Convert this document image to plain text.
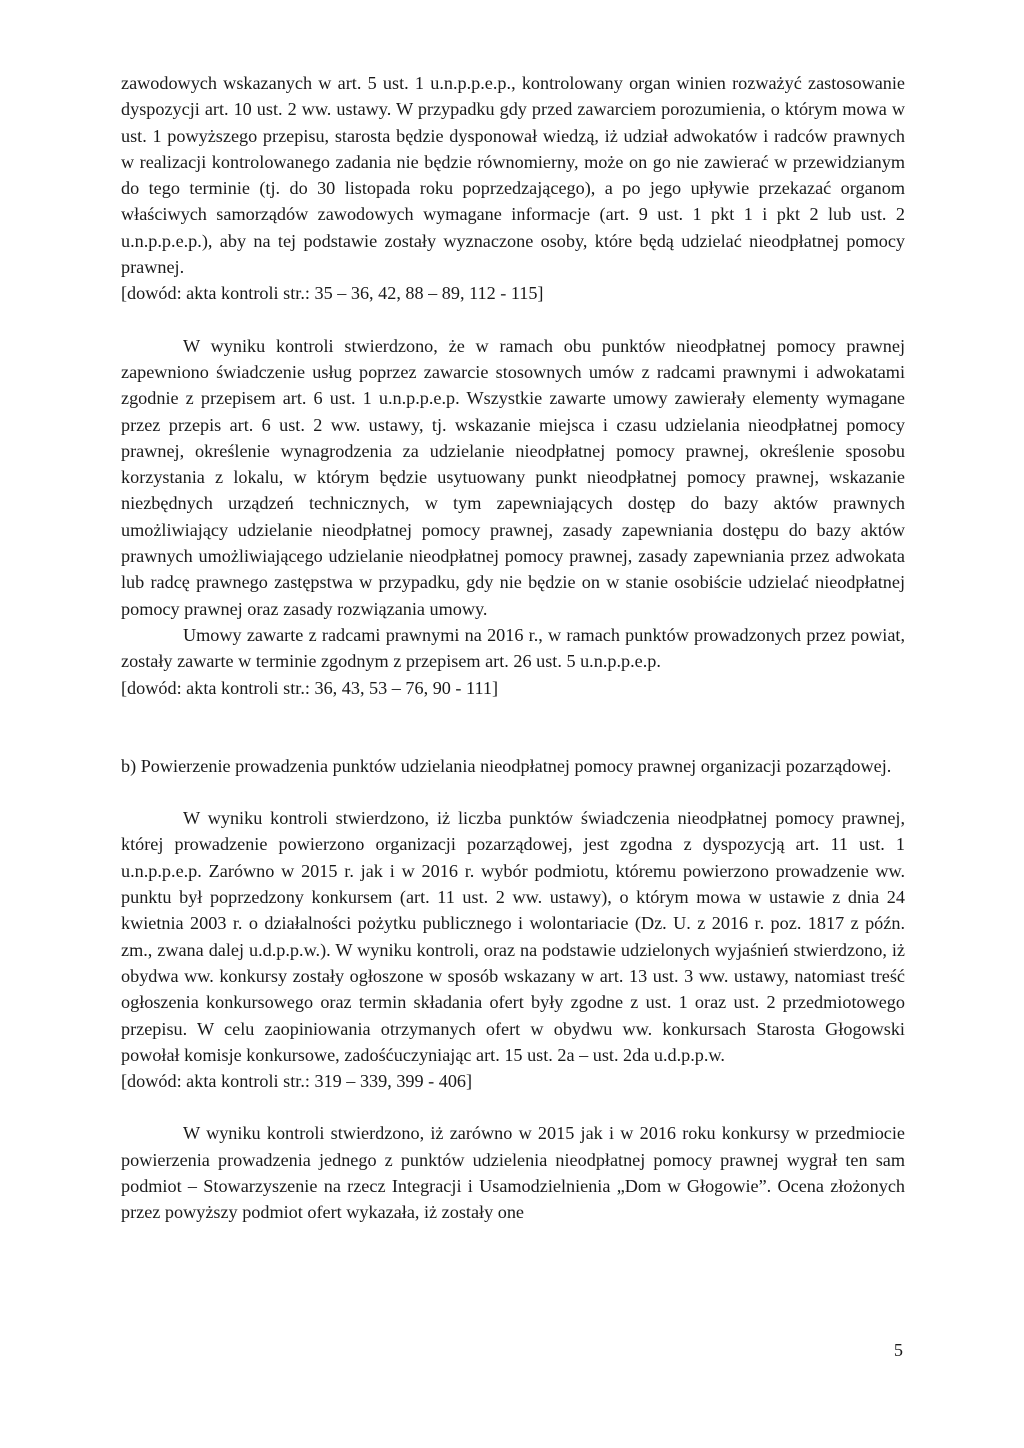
zawodowych wskazanych w art. 5 ust. 1 u.n.p.p.e.p., kontrolowany organ winien rozważyć zastosowanie dyspozycji art. 10 ust. 2 ww. ustawy. W przypadku gdy przed zawarciem porozumienia, o którym mowa w ust. 1 powyższego przepisu, starosta będzie dysponował wiedzą, iż udział adwokatów i radców prawnych w realizacji kontrolowanego zadania nie będzie równomierny, może on go nie zawierać w przewidzianym do tego terminie (tj. do 30 listopada roku poprzedzającego), a po jego upływie przekazać organom właściwych samorządów zawodowych wymagane informacje (art. 9 ust. 1 pkt 1 i pkt 2 lub ust. 2 u.n.p.p.e.p.), aby na tej podstawie zostały wyznaczone osoby, które będą udzielać nieodpłatnej pomocy prawnej.

[dowód: akta kontroli str.: 35 – 36, 42, 88 – 89, 112 - 115]

W wyniku kontroli stwierdzono, że w ramach obu punktów nieodpłatnej pomocy prawnej zapewniono świadczenie usług poprzez zawarcie stosownych umów z radcami prawnymi i adwokatami zgodnie z przepisem art. 6 ust. 1 u.n.p.p.e.p. Wszystkie zawarte umowy zawierały elementy wymagane przez przepis art. 6 ust. 2 ww. ustawy, tj. wskazanie miejsca i czasu udzielania nieodpłatnej pomocy prawnej, określenie wynagrodzenia za udzielanie nieodpłatnej pomocy prawnej, określenie sposobu korzystania z lokalu, w którym będzie usytuowany punkt nieodpłatnej pomocy prawnej, wskazanie niezbędnych urządzeń technicznych, w tym zapewniających dostęp do bazy aktów prawnych umożliwiający udzielanie nieodpłatnej pomocy prawnej, zasady zapewniania dostępu do bazy aktów prawnych umożliwiającego udzielanie nieodpłatnej pomocy prawnej, zasady zapewniania przez adwokata lub radcę prawnego zastępstwa w przypadku, gdy nie będzie on w stanie osobiście udzielać nieodpłatnej pomocy prawnej oraz zasady rozwiązania umowy.

Umowy zawarte z radcami prawnymi na 2016 r., w ramach punktów prowadzonych przez powiat, zostały zawarte w terminie zgodnym z przepisem art. 26 ust. 5 u.n.p.p.e.p.

[dowód: akta kontroli str.: 36, 43, 53 – 76, 90 - 111]

b) Powierzenie prowadzenia punktów udzielania nieodpłatnej pomocy prawnej organizacji pozarządowej.

W wyniku kontroli stwierdzono, iż liczba punktów świadczenia nieodpłatnej pomocy prawnej, której prowadzenie powierzono organizacji pozarządowej, jest zgodna z dyspozycją art. 11 ust. 1 u.n.p.p.e.p. Zarówno w 2015 r. jak i w 2016 r. wybór podmiotu, któremu powierzono prowadzenie ww. punktu był poprzedzony konkursem (art. 11 ust. 2 ww. ustawy), o którym mowa w ustawie z dnia 24 kwietnia 2003 r. o działalności pożytku publicznego i wolontariacie (Dz. U. z 2016 r. poz. 1817 z późn. zm., zwana dalej u.d.p.p.w.). W wyniku kontroli, oraz na podstawie udzielonych wyjaśnień stwierdzono, iż obydwa ww. konkursy zostały ogłoszone w sposób wskazany w art. 13 ust. 3 ww. ustawy, natomiast treść ogłoszenia konkursowego oraz termin składania ofert były zgodne z ust. 1 oraz ust. 2 przedmiotowego przepisu. W celu zaopiniowania otrzymanych ofert w obydwu ww. konkursach Starosta Głogowski powołał komisje konkursowe, zadośćuczyniając art. 15 ust. 2a – ust. 2da u.d.p.p.w.

[dowód: akta kontroli str.: 319 – 339, 399 - 406]

W wyniku kontroli stwierdzono, iż zarówno w 2015 jak i w 2016 roku konkursy w przedmiocie powierzenia prowadzenia jednego z punktów udzielenia nieodpłatnej pomocy prawnej wygrał ten sam podmiot – Stowarzyszenie na rzecz Integracji i Usamodzielnienia „Dom w Głogowie”. Ocena złożonych przez powyższy podmiot ofert wykazała, iż zostały one

5
